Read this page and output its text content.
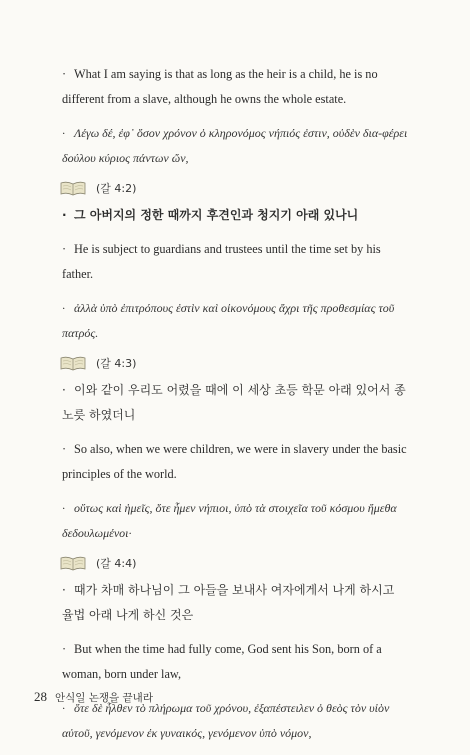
· What I am saying is that as long as the heir is a child, he is no different from a slave, although he owns the whole estate.

· Λέγω δέ, ἐφ᾽ ὅσον χρόνον ὁ κληρονόμος νήπιός ἐστιν, οὐδὲν δια-φέρει δούλου κύριος πάντων ὤν,

(갈 4:2)

· 그 아버지의 정한 때까지 후견인과 청지기 아래 있나니

· He is subject to guardians and trustees until the time set by his father.

· ἀλλὰ ὑπὸ ἐπιτρόπους ἐστὶν καὶ οἰκονόμους ἄχρι τῆς προθεσμίας τοῦ πατρός.

(갈 4:3)

· 이와 같이 우리도 어렸을 때에 이 세상 초등 학문 아래 있어서 종노릇 하였더니

· So also, when we were children, we were in slavery under the basic principles of the world.

· οὕτως καὶ ἡμεῖς, ὅτε ἦμεν νήπιοι, ὑπὸ τὰ στοιχεῖα τοῦ κόσμου ἤμεθα δεδουλωμένοι·

(갈 4:4)

· 때가 차매 하나님이 그 아들을 보내사 여자에게서 나게 하시고 율법 아래 나게 하신 것은

· But when the time had fully come, God sent his Son, born of a woman, born under law,

· ὅτε δὲ ἦλθεν τὸ πλήρωμα τοῦ χρόνου, ἐξαπέστειλεν ὁ θεὸς τὸν υἱὸν αὐτοῦ, γενόμενον ἐκ γυναικός, γενόμενον ὑπὸ νόμον,

28 안식일 논쟁을 끝내라
